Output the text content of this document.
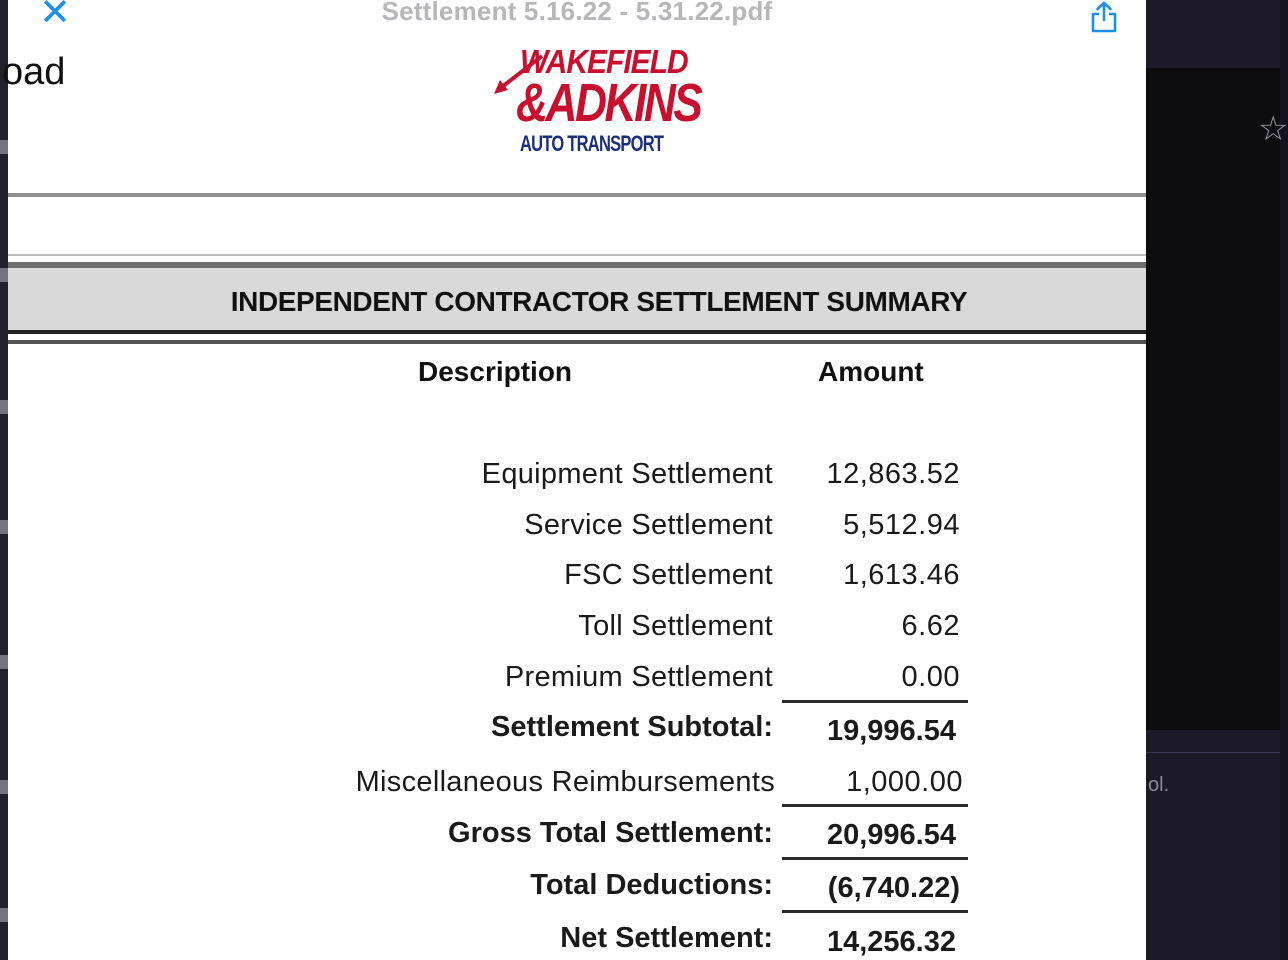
☆
ol.
oad
Settlement 5.16.22 - 5.31.22.pdf
✕
WAKEFIELD
&ADKINS
AUTO TRANSPORT
INDEPENDENT CONTRACTOR SETTLEMENT SUMMARY
Description	Amount
Equipment Settlement 12,863.52
Service Settlement 5,512.94
FSC Settlement 1,613.46
Toll Settlement	6.62
Premium Settlement	0.00
Settlement Subtotal: 19,996.54
Miscellaneous Reimbursements 1,000.00
Gross Total Settlement: 20,996.54
Total Deductions: (6,740.22)
Net Settlement: 14,256.32
